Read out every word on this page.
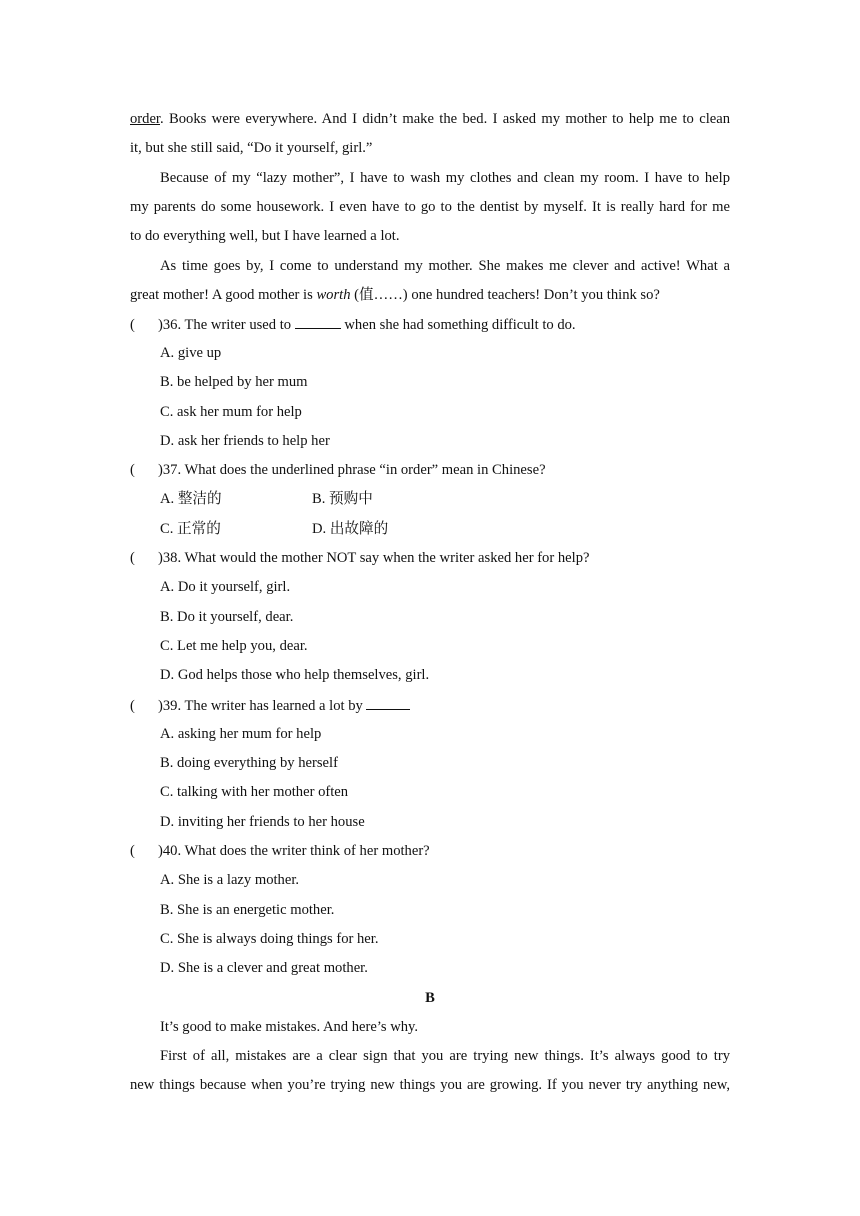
order. Books were everywhere. And I didn’t make the bed. I asked my mother to help me to clean
it, but she still said, “Do it yourself, girl.”
Because of my “lazy mother”, I have to wash my clothes and clean my room. I have to help
my parents do some housework. I even have to go to the dentist by myself. It is really hard for me
to do everything well, but I have learned a lot.
As time goes by, I come to understand my mother. She makes me clever and active! What a
great mother! A good mother is worth (值……) one hundred teachers! Don’t you think so?
( )36. The writer used to	when she had something difficult to do.
A. give up
B. be helped by her mum
C. ask her mum for help
D. ask her friends to help her
( )37. What does the underlined phrase “in order” mean in Chinese?
A. 整洁的	B. 预购中
C. 正常的	D. 出故障的
( )38. What would the mother NOT say when the writer asked her for help?
A. Do it yourself, girl.
B. Do it yourself, dear.
C. Let me help you, dear.
D. God helps those who help themselves, girl.
( )39. The writer has learned a lot by
A. asking her mum for help
B. doing everything by herself
C. talking with her mother often
D. inviting her friends to her house
( )40. What does the writer think of her mother?
A. She is a lazy mother.
B. She is an energetic mother.
C. She is always doing things for her.
D. She is a clever and great mother.
B
It’s good to make mistakes. And here’s why.
First of all, mistakes are a clear sign that you are trying new things. It’s always good to try
new things because when you’re trying new things you are growing. If you never try anything new,
